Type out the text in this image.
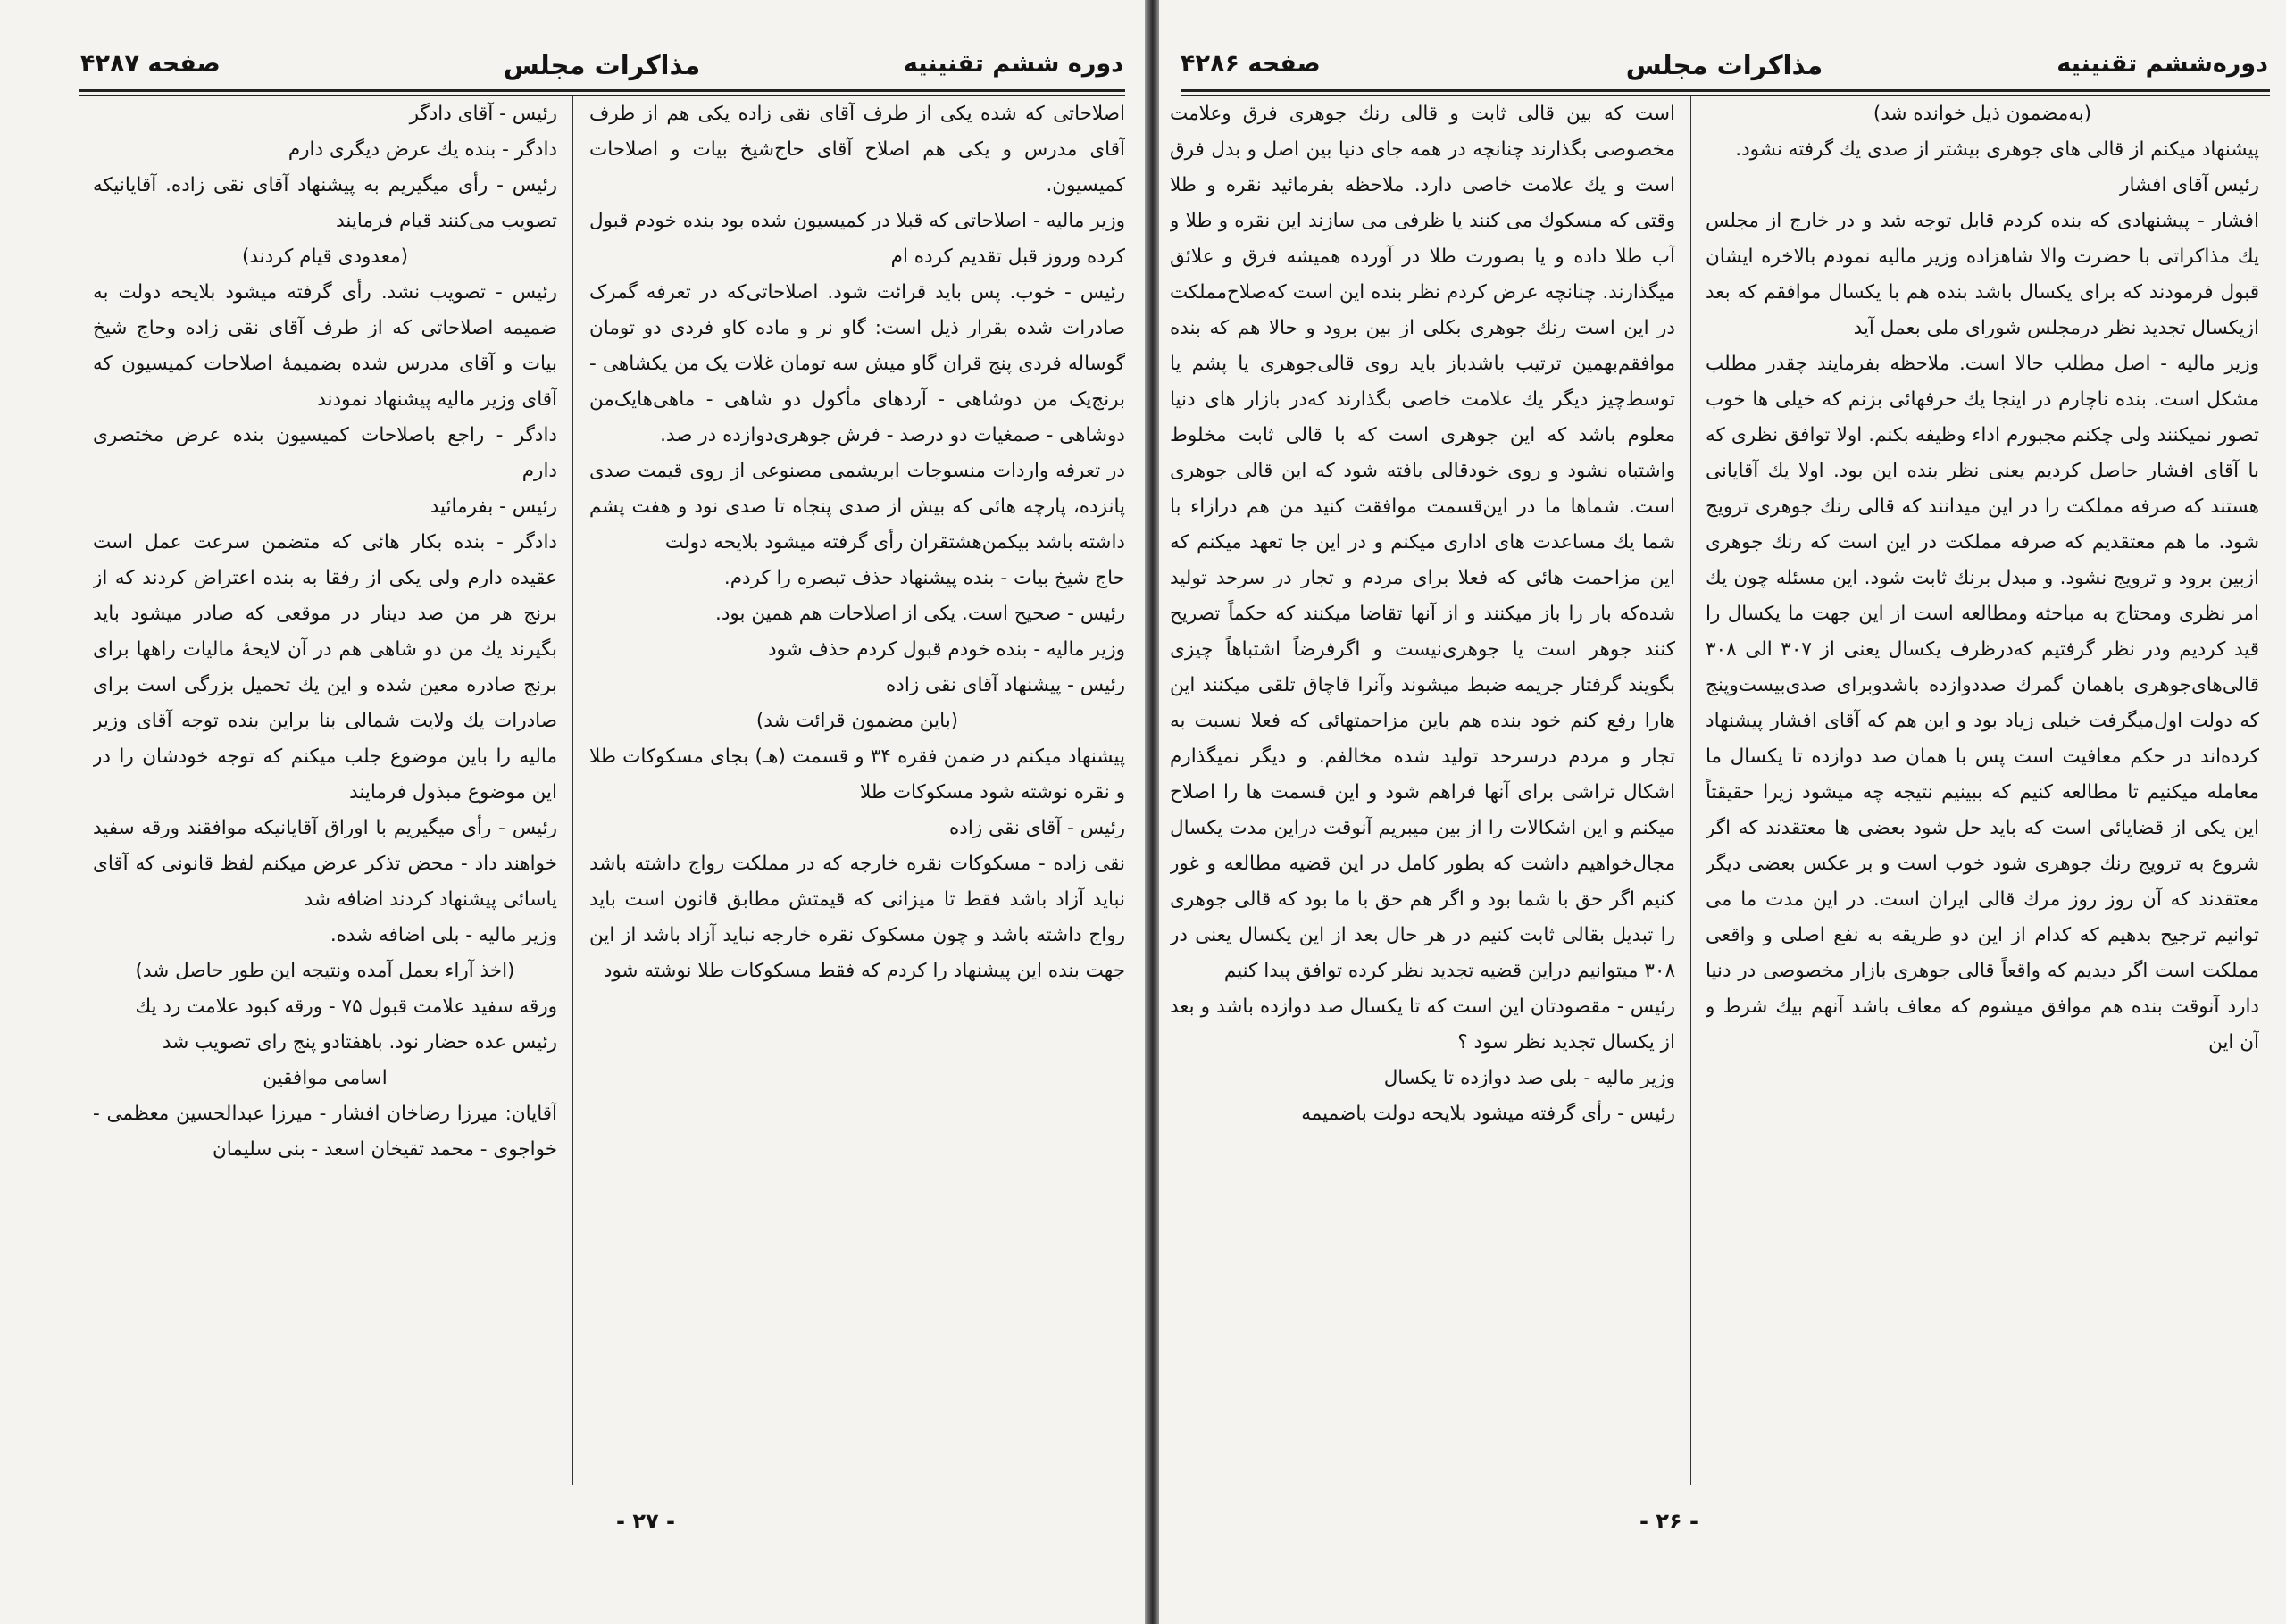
دوره ششم تقنینیه
مذاکرات مجلس
صفحه ۴۲۸۷

اصلاحاتی که شده یکی از طرف آقای نقی زاده یکی هم از طرف آقای مدرس و یکی هم اصلاح آقای حاج‌شیخ بیات و اصلاحات کمیسیون.

وزیر مالیه - اصلاحاتی که قبلا در کمیسیون شده بود بنده خودم قبول کرده وروز قبل تقدیم کرده ام

رئیس - خوب. پس باید قرائت شود. اصلاحاتی‌که در تعرفه گمرک صادرات شده بقرار ذیل است: گاو نر و ماده کاو فردی دو تومان گوساله فردی پنج قران گاو میش سه تومان غلات یک من یکشاهی - برنج‌یک من دوشاهی - آردهای مأکول دو شاهی - ماهی‌ها‌یک‌من دوشاهی - صمغیات دو درصد - فرش جوهری‌دوازده در صد.

در تعرفه واردات منسوجات ابریشمی مصنوعی از روی قیمت صدی پانزده، پارچه هائی که بیش از صدی پنجاه تا صدی نود و هفت پشم داشته باشد بیکمن‌هشتقران رأی گرفته میشود بلایحه دولت

حاج شیخ بیات - بنده پیشنهاد حذف تبصره را کردم.

رئیس - صحیح است. یکی از اصلاحات هم همین بود.

وزیر مالیه - بنده خودم قبول کردم حذف شود

رئیس - پیشنهاد آقای نقی زاده

(باین مضمون قرائت شد)

پیشنهاد میکنم در ضمن فقره ۳۴ و قسمت (هـ) بجای مسکوکات طلا و نقره نوشته شود مسکوکات طلا

رئیس - آقای نقی زاده

نقی زاده - مسکوکات نقره خارجه که در مملکت رواج داشته باشد نباید آزاد باشد فقط تا میزانی که قیمتش مطابق قانون است باید رواج داشته باشد و چون مسکوک نقره خارجه نباید آزاد باشد از این جهت بنده این پیشنهاد را کردم که فقط مسکوکات طلا نوشته شود

رئیس - آقای دادگر

دادگر - بنده یك عرض دیگری دارم

رئیس - رأی میگیریم به پیشنهاد آقای نقی زاده. آقایانیکه تصویب می‌کنند قیام فرمایند

(معدودی قیام کردند)

رئیس - تصویب نشد. رأی گرفته میشود بلایحه دولت به ضمیمه اصلاحاتی که از طرف آقای نقی زاده وحاج شیخ بیات و آقای مدرس شده بضمیمهٔ اصلاحات کمیسیون که آقای وزیر مالیه پیشنهاد نمودند

دادگر - راجع باصلاحات کمیسیون بنده عرض مختصری دارم

رئیس - بفرمائید

دادگر - بنده بکار هائی که متضمن سرعت عمل است عقیده دارم ولی یکی از رفقا به بنده اعتراض کردند که از برنج هر من صد دینار در موقعی که صادر میشود باید بگیرند یك من دو شاهی هم در آن لایحهٔ مالیات راهها برای برنج صادره معین شده و این یك تحمیل بزرگی است برای صادرات یك ولایت شمالی بنا براین بنده توجه آقای وزیر مالیه را باین موضوع جلب میکنم که توجه خودشان را در این موضوع مبذول فرمایند

رئیس - رأی میگیریم با اوراق آقایانیکه موافقند ورقه سفید خواهند داد - محض تذکر عرض میکنم لفظ قانونی که آقای یاسائی پیشنهاد کردند اضافه شد

وزیر مالیه - بلی اضافه شده.

(اخذ آراء بعمل آمده ونتیجه این طور حاصل شد)

ورقه سفید علامت قبول ۷۵ - ورقه کبود علامت رد یك

رئیس عده حضار نود. باهفتادو پنج رای تصویب شد

اسامی موافقین

آقایان: میرزا رضاخان افشار - میرزا عبدالحسین معظمی - خواجوی - محمد تقیخان اسعد - بنی سلیمان

- ۲۷ -
دوره‌ششم تقنینیه
مذاکرات مجلس
صفحه ۴۲۸۶

(به‌مضمون ذیل خوانده شد)

پیشنهاد میکنم از قالی های جوهری بیشتر از صدی یك گرفته نشود.

رئیس آقای افشار

افشار - پیشنهادی که بنده کردم قابل توجه شد و در خارج از مجلس یك مذاکراتی با حضرت والا شاهزاده وزیر مالیه نمودم بالاخره ایشان قبول فرمودند که برای یکسال باشد بنده هم با یکسال موافقم که بعد ازیکسال تجدید نظر درمجلس شورای ملی بعمل آید

وزیر مالیه - اصل مطلب حالا است. ملاحظه بفرمایند چقدر مطلب مشکل است. بنده ناچارم در اینجا یك حرفهائی بزنم که خیلی ها خوب تصور نمیکنند ولی چکنم مجبورم اداء وظیفه بکنم. اولا توافق نظری که با آقای افشار حاصل کردیم یعنی نظر بنده این بود. اولا یك آقایانی هستند که صرفه مملکت را در این میدانند که قالی رنك جوهری ترویج شود. ما هم معتقدیم که صرفه مملکت در این است که رنك جوهری ازبین برود و ترویج نشود. و مبدل برنك ثابت شود. این مسئله چون یك امر نظری ومحتاج به مباحثه ومطالعه است از این جهت ما یکسال را قید کردیم ودر نظر گرفتیم که‌درظرف یکسال یعنی از ۳۰۷ الی ۳۰۸ قالی‌های‌جوهری باهمان گمرك صددوازده باشدوبرای صدی‌بیست‌وپنج که دولت اول‌میگرفت خیلی زیاد بود و این هم که آقای افشار پیشنهاد کرده‌اند در حکم معافیت است پس با همان صد دوازده تا یکسال ما معامله میکنیم تا مطالعه کنیم که ببینیم نتیجه چه میشود زیرا حقیقتاً این یکی از قضایائی است که باید حل شود بعضی ها معتقدند که اگر شروع به ترویج رنك جوهری شود خوب است و بر عکس بعضی دیگر معتقدند که آن روز روز مرك قالی ایران است. در این مدت ما می توانیم ترجیح بدهیم که کدام از این دو طریقه به نفع اصلی و واقعی مملکت است اگر دیدیم که واقعاً قالی جوهری بازار مخصوصی در دنیا دارد آنوقت بنده هم موافق میشوم که معاف باشد آنهم بیك شرط و آن این

است که بین قالی ثابت و قالی رنك جوهری فرق وعلامت مخصوصی بگذارند چنانچه در همه جای دنیا بین اصل و بدل فرق است و یك علامت خاصی دارد. ملاحظه بفرمائید نقره و طلا وقتی که مسکوك می کنند یا ظرفی می سازند این نقره و طلا و آب طلا داده و یا بصورت طلا در آورده همیشه فرق و علائق میگذارند. چنانچه عرض کردم نظر بنده این است که‌صلاح‌مملکت در این است رنك جوهری بکلی از بین برود و حالا هم که بنده موافقم‌بهمین ترتیب باشد‌باز باید روی قالی‌جوهری یا پشم یا توسط‌چیز دیگر یك علامت خاصی بگذارند که‌در بازار های دنیا معلوم باشد که این جوهری است که با قالی ثابت مخلوط واشتباه نشود و روی خودقالی بافته شود که این قالی جوهری است. شماها ما در این‌قسمت موافقت کنید من هم درازاء با شما یك مساعدت های اداری میکنم و در این جا تعهد میکنم که این مزاحمت هائی که فعلا برای مردم و تجار در سرحد تولید شده‌که بار را باز میکنند و از آنها تقاضا میکنند که حکماً تصریح کنند جوهر است یا جوهری‌نیست و اگرفرضاً اشتباهاً چیزی بگویند گرفتار جریمه ضبط میشوند وآنرا قاچاق تلقی میکنند این هارا رفع کنم خود بنده هم باین مزاحمتهائی که فعلا نسبت به تجار و مردم درسرحد تولید شده مخالفم. و دیگر نمیگذارم اشکال تراشی برای آنها فراهم شود و این قسمت ها را اصلاح میکنم و این اشکالات را از بین میبریم آنوقت دراین مدت یکسال مجال‌خواهیم داشت که بطور کامل در این قضیه مطالعه و غور کنیم اگر حق با شما بود و اگر هم حق با ما بود که قالی جوهری را تبدیل بقالی ثابت کنیم در هر حال بعد از این یکسال یعنی در ۳۰۸ میتوانیم دراین قضیه تجدید نظر کرده توافق پیدا کنیم

رئیس - مقصودتان این است که تا یکسال صد دوازده باشد و بعد از یکسال تجدید نظر سود ؟

وزیر مالیه - بلی صد دوازده تا یکسال

رئیس - رأی گرفته میشود بلایحه دولت باضمیمه

- ۲۶ -
